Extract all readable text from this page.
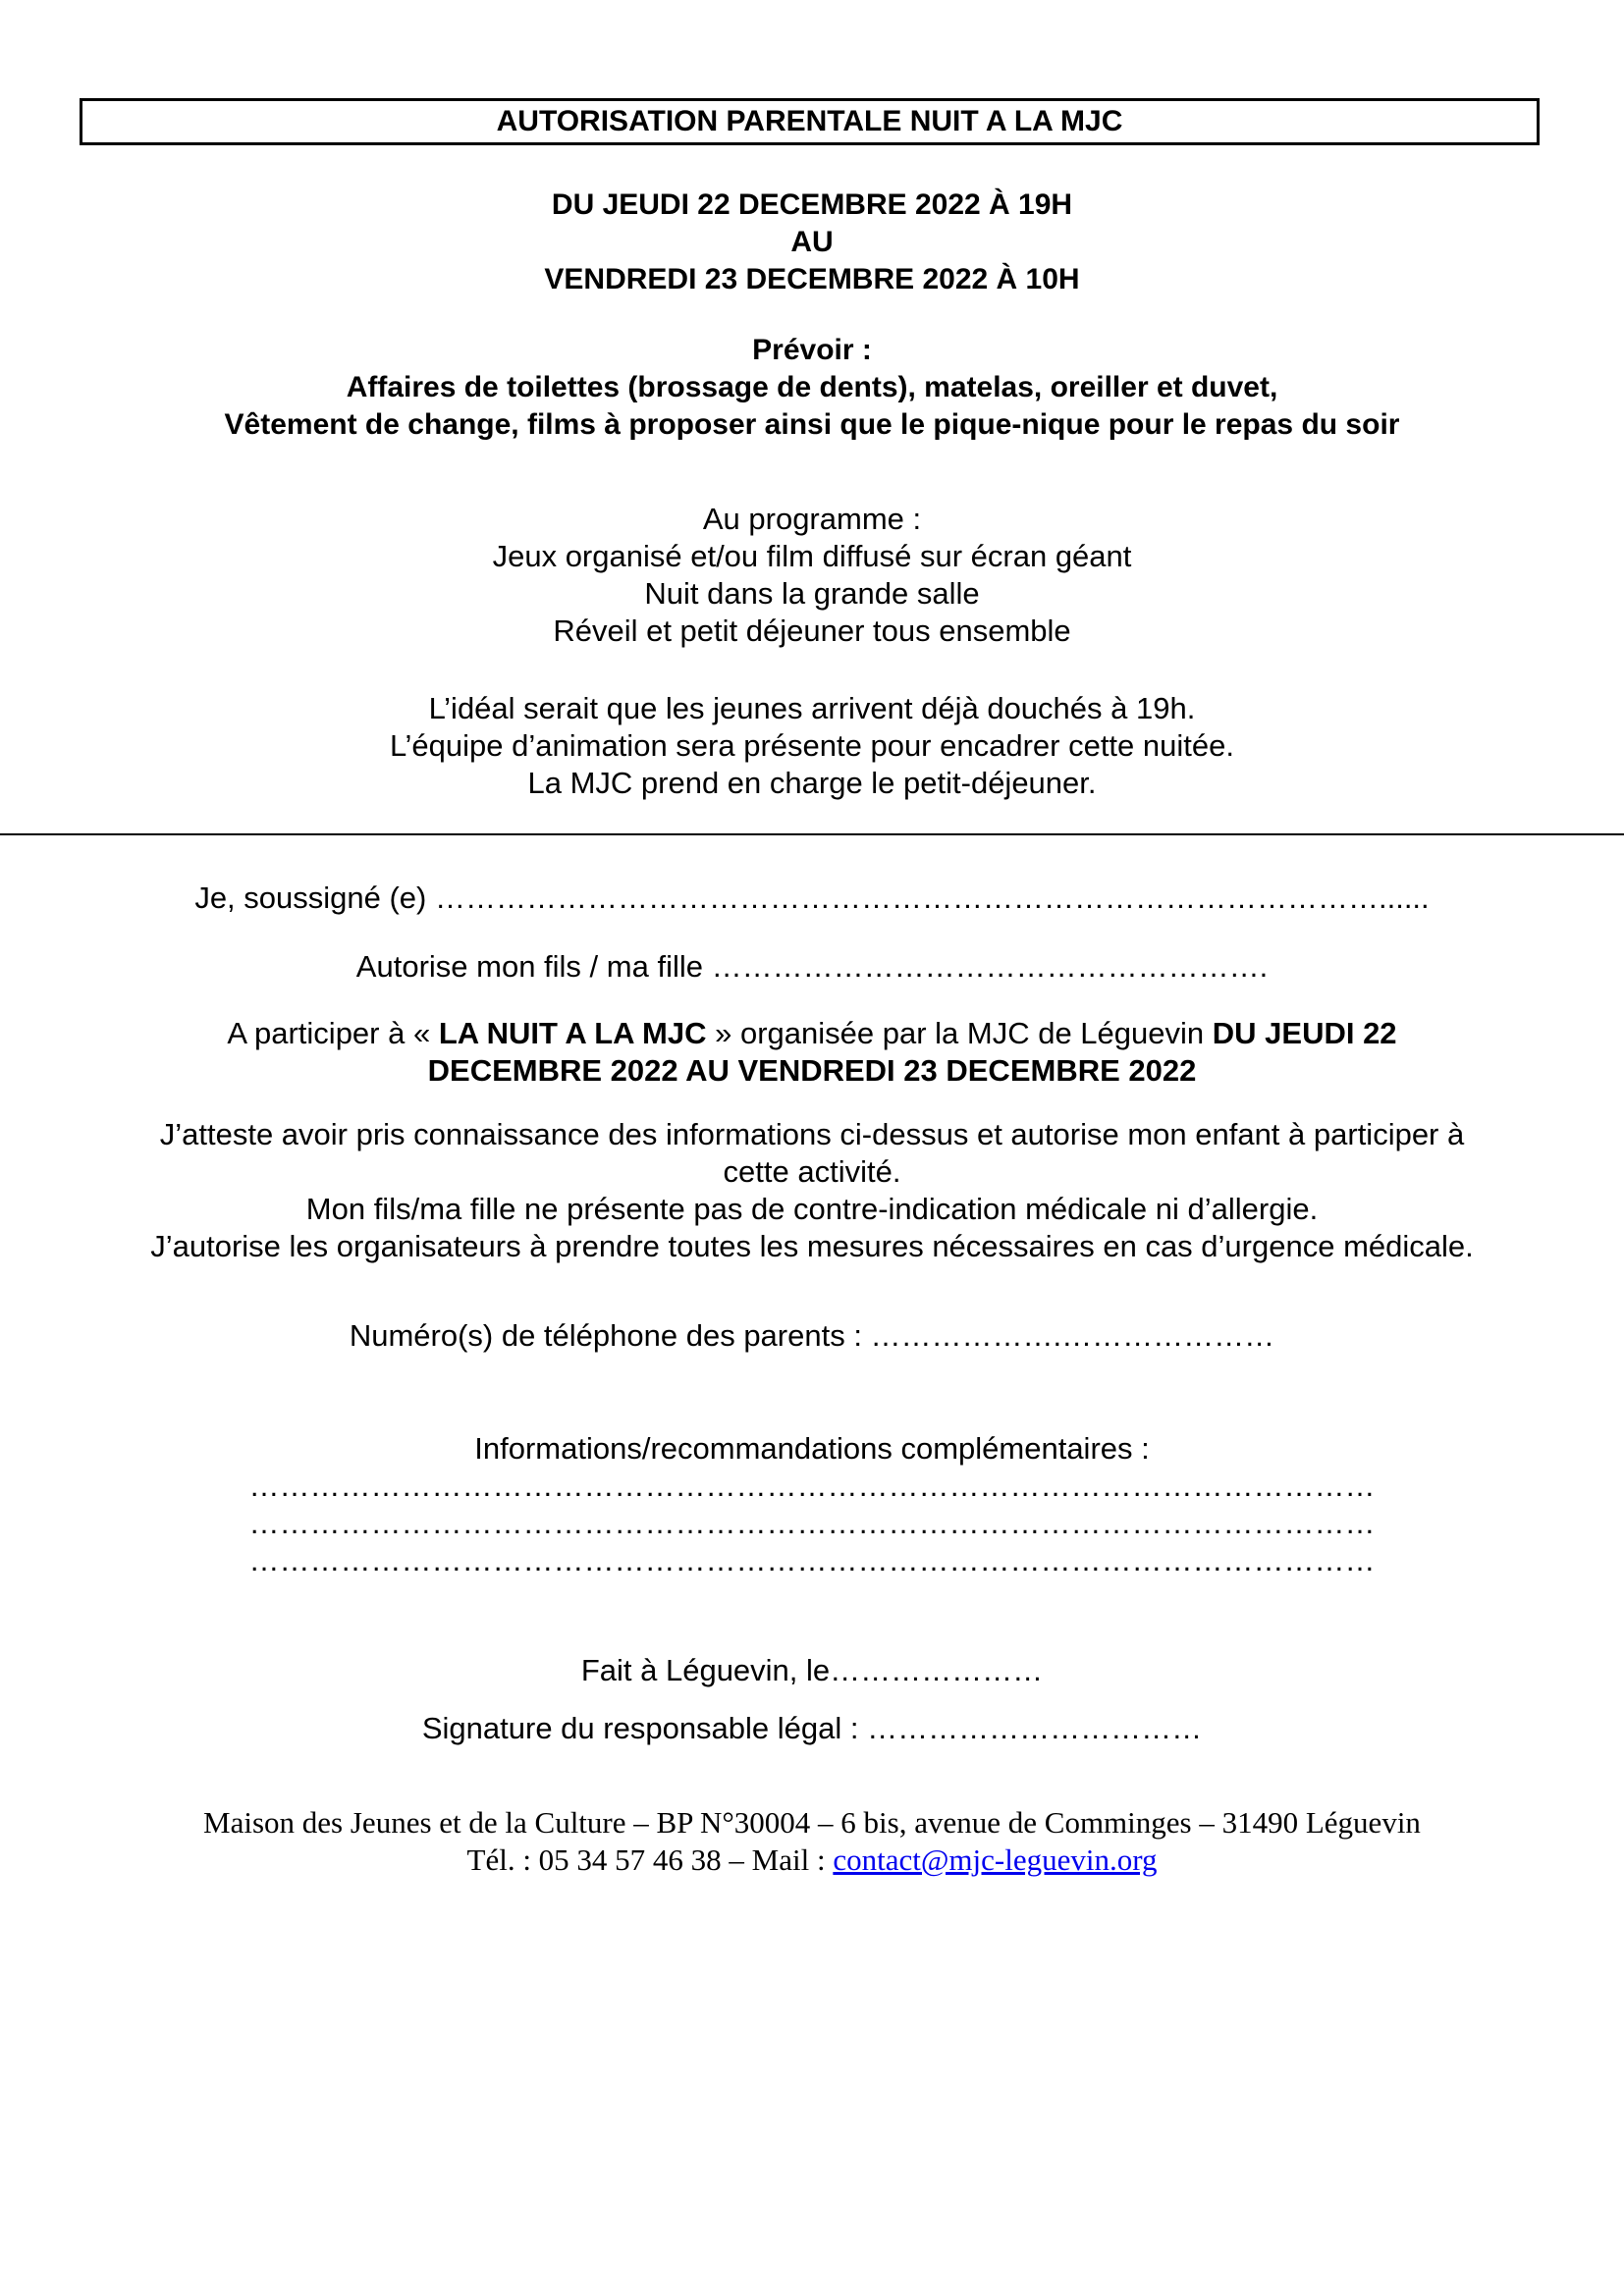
AUTORISATION PARENTALE NUIT A LA MJC
DU JEUDI 22 DECEMBRE 2022 À 19H
AU
VENDREDI 23 DECEMBRE 2022 À 10H
Prévoir :
Affaires de toilettes (brossage de dents), matelas, oreiller et duvet,
Vêtement de change, films à proposer ainsi que le pique-nique pour le repas du soir
Au programme :
Jeux organisé et/ou film diffusé sur écran géant
Nuit dans la grande salle
Réveil et petit déjeuner tous ensemble
L’idéal serait que les jeunes arrivent déjà douchés à 19h.
L’équipe d’animation sera présente pour encadrer cette nuitée.
La MJC prend en charge le petit-déjeuner.
Je, soussigné (e) …………………………………………………………………………………......
Autorise mon fils / ma fille ……………………………………………….
A participer à « LA NUIT A LA MJC » organisée par la MJC de Léguevin DU JEUDI 22
DECEMBRE 2022 AU VENDREDI 23 DECEMBRE 2022
J’atteste avoir pris connaissance des informations ci-dessus et autorise mon enfant à participer à
cette activité.
Mon fils/ma fille ne présente pas de contre-indication médicale ni d’allergie.
J’autorise les organisateurs à prendre toutes les mesures nécessaires en cas d’urgence médicale.
Numéro(s) de téléphone des parents : ……………….…………………
Informations/recommandations complémentaires :
…………………………………………………………………………………………………
…………………………………………………………………………………………………
…………………………………………………………………………………………………
Fait à Léguevin, le…………………
Signature du responsable légal : ……………………………
Maison des Jeunes et de la Culture – BP N°30004 – 6 bis, avenue de Comminges – 31490 Léguevin
Tél. : 05 34 57 46 38 – Mail : contact@mjc-leguevin.org
